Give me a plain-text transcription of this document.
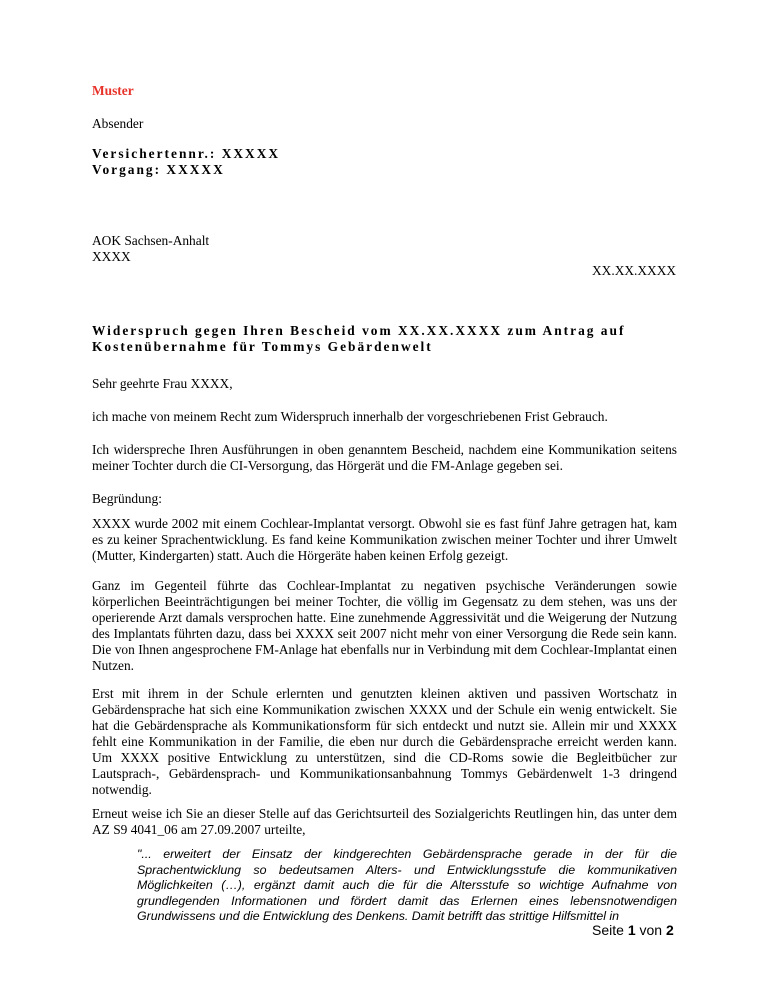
Muster
Absender
Versichertennr.: XXXXX
Vorgang: XXXXX
AOK Sachsen-Anhalt
XXXX
XX.XX.XXXX
Widerspruch gegen Ihren Bescheid vom XX.XX.XXXX zum Antrag auf Kostenübernahme für Tommys Gebärdenwelt
Sehr geehrte Frau XXXX,
ich mache von meinem Recht zum Widerspruch innerhalb der vorgeschriebenen Frist Gebrauch.
Ich widerspreche Ihren Ausführungen in oben genanntem Bescheid, nachdem eine Kommunikation seitens meiner Tochter durch die CI-Versorgung, das Hörgerät und die FM-Anlage gegeben sei.
Begründung:
XXXX wurde 2002 mit einem Cochlear-Implantat versorgt. Obwohl sie es fast fünf Jahre getragen hat, kam es zu keiner Sprachentwicklung. Es fand keine Kommunikation zwischen meiner Tochter und ihrer Umwelt (Mutter, Kindergarten) statt. Auch die Hörgeräte haben keinen Erfolg gezeigt.
Ganz im Gegenteil führte das Cochlear-Implantat zu negativen psychische Veränderungen sowie körperlichen Beeinträchtigungen bei meiner Tochter, die völlig im Gegensatz zu dem stehen, was uns der operierende Arzt damals versprochen hatte. Eine zunehmende Aggressivität und die Weigerung der Nutzung des Implantats führten dazu, dass bei XXXX seit 2007 nicht mehr von einer Versorgung die Rede sein kann. Die von Ihnen angesprochene FM-Anlage hat ebenfalls nur in Verbindung mit dem Cochlear-Implantat einen Nutzen.
Erst mit ihrem in der Schule erlernten und genutzten kleinen aktiven und passiven Wortschatz in Gebärdensprache hat sich eine Kommunikation zwischen XXXX und der Schule ein wenig entwickelt. Sie hat die Gebärdensprache als Kommunikationsform für sich entdeckt und nutzt sie. Allein mir und XXXX fehlt eine Kommunikation in der Familie, die eben nur durch die Gebärdensprache erreicht werden kann. Um XXXX positive Entwicklung zu unterstützen, sind die CD-Roms sowie die Begleitbücher zur Lautsprach-, Gebärdensprach- und Kommunikationsanbahnung Tommys Gebärdenwelt 1-3 dringend notwendig.
Erneut weise ich Sie an dieser Stelle auf das Gerichtsurteil des Sozialgerichts Reutlingen hin, das unter dem AZ S9 4041_06 am 27.09.2007 urteilte,
"... erweitert der Einsatz der kindgerechten Gebärdensprache gerade in der für die Sprachentwicklung so bedeutsamen Alters- und Entwicklungsstufe die kommunikativen Möglichkeiten (…), ergänzt damit auch die für die Altersstufe so wichtige Aufnahme von grundlegenden Informationen und fördert damit das Erlernen eines lebensnotwendigen Grundwissens und die Entwicklung des Denkens. Damit betrifft das strittige Hilfsmittel in
Seite 1 von 2
